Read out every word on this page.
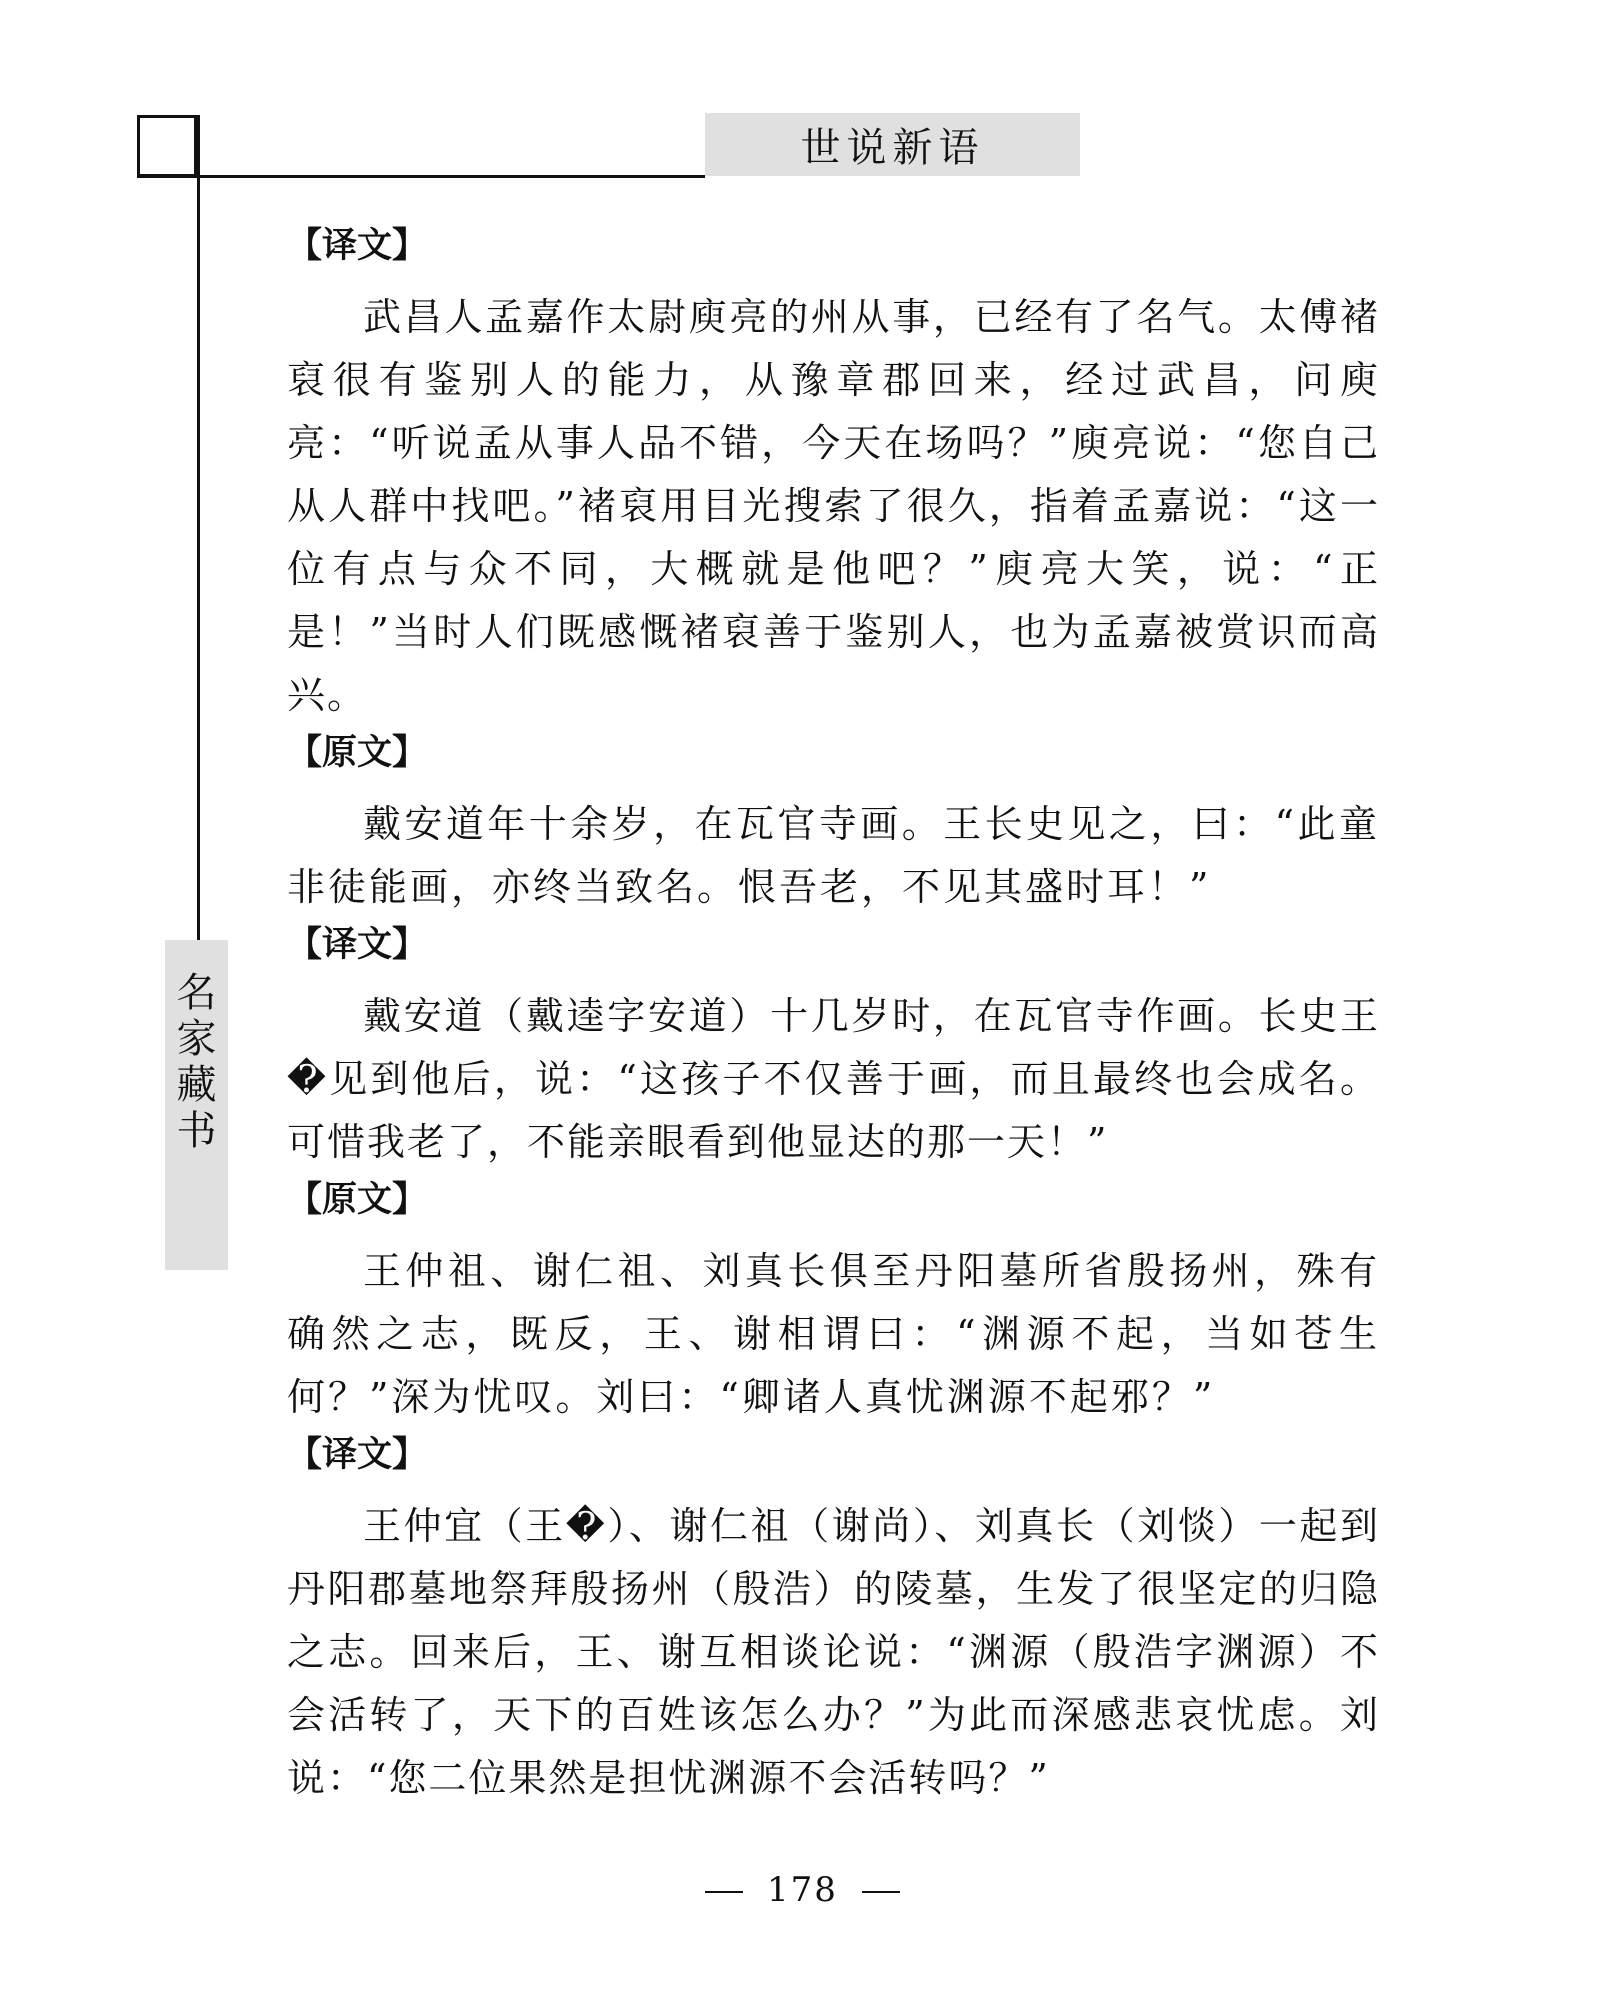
世说新语
名
家
藏
书
【译文】

武昌人孟嘉作太尉庾亮的州从事，已经有了名气。太傅褚裒很有鉴别人的能力，从豫章郡回来，经过武昌，问庾亮：“听说孟从事人品不错，今天在场吗？”庾亮说：“您自己从人群中找吧。”褚裒用目光搜索了很久，指着孟嘉说：“这一位有点与众不同，大概就是他吧？”庾亮大笑，说：“正是！”当时人们既感慨褚裒善于鉴别人，也为孟嘉被赏识而高兴。

【原文】

戴安道年十余岁，在瓦官寺画。王长史见之，曰：“此童非徒能画，亦终当致名。恨吾老，不见其盛时耳！”

【译文】

戴安道（戴逵字安道）十几岁时，在瓦官寺作画。长史王�见到他后，说：“这孩子不仅善于画，而且最终也会成名。可惜我老了，不能亲眼看到他显达的那一天！”

【原文】

王仲祖、谢仁祖、刘真长俱至丹阳墓所省殷扬州，殊有确然之志，既反，王、谢相谓曰：“渊源不起，当如苍生何？”深为忧叹。刘曰：“卿诸人真忧渊源不起邪？”

【译文】

王仲宜（王�）、谢仁祖（谢尚）、刘真长（刘惔）一起到丹阳郡墓地祭拜殷扬州（殷浩）的陵墓，生发了很坚定的归隐之志。回来后，王、谢互相谈论说：“渊源（殷浩字渊源）不会活转了，天下的百姓该怎么办？”为此而深感悲哀忧虑。刘说：“您二位果然是担忧渊源不会活转吗？”

178
